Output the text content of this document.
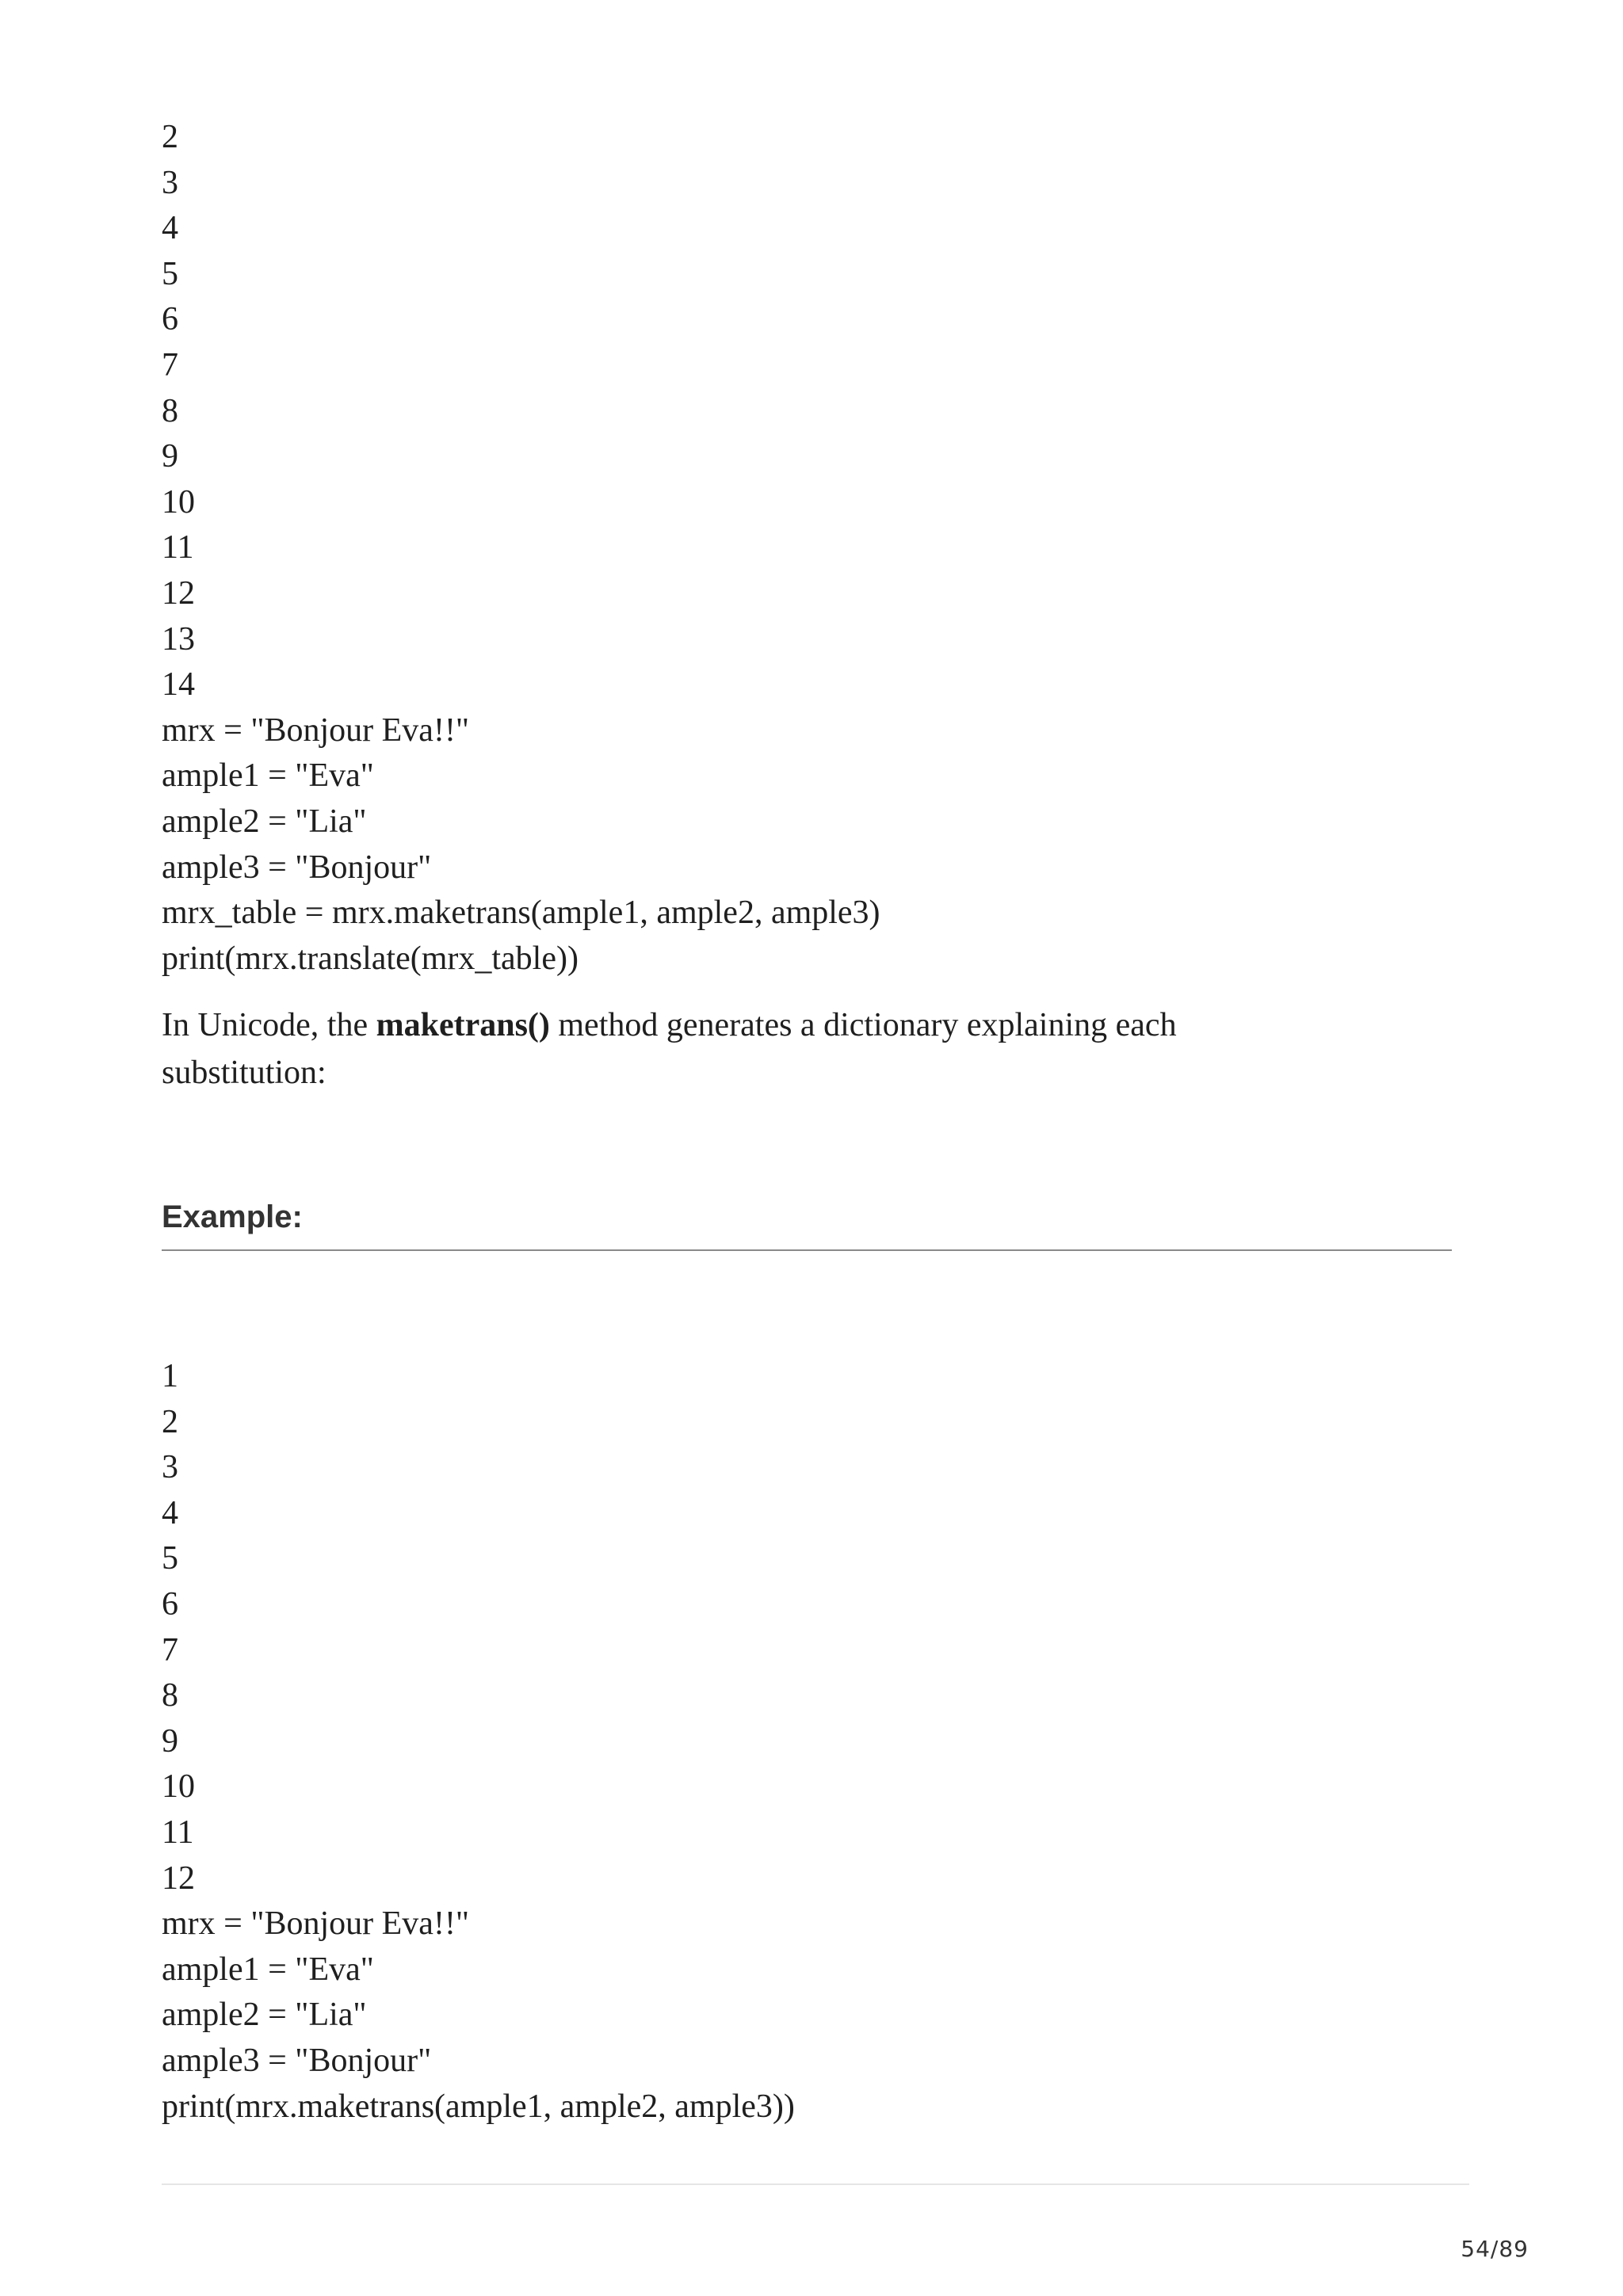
2
3
4
5
6
7
8
9
10
11
12
13
14
mrx = "Bonjour Eva!!"
ample1 = "Eva"
ample2 = "Lia"
ample3 = "Bonjour"
mrx_table = mrx.maketrans(ample1, ample2, ample3)
print(mrx.translate(mrx_table))

In Unicode, the maketrans() method generates a dictionary explaining each substitution:

Example:
1
2
3
4
5
6
7
8
9
10
11
12
mrx = "Bonjour Eva!!"
ample1 = "Eva"
ample2 = "Lia"
ample3 = "Bonjour"
print(mrx.maketrans(ample1, ample2, ample3))
54/89
